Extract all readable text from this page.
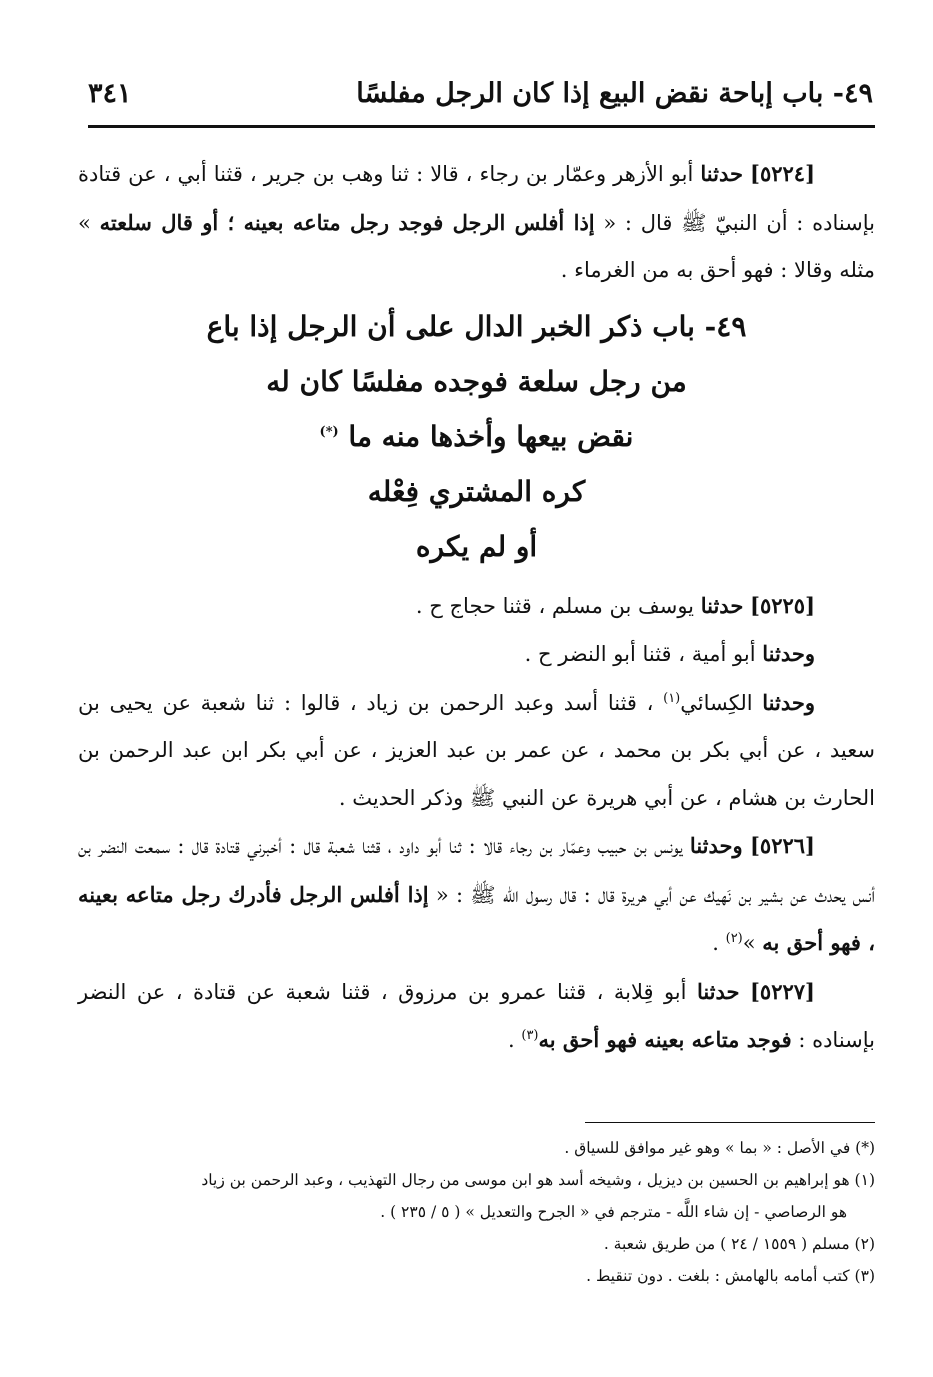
٤٩- باب إباحة نقض البيع إذا كان الرجل مفلسًا
٣٤١

[٥٢٢٤] حدثنا أبو الأزهر وعمّار بن رجاء ، قالا : ثنا وهب بن جرير ، قثنا أبي ، عن قتادة بإسناده : أن النبيّ ﷺ قال : « إذا أفلس الرجل فوجد رجل متاعه بعينه ؛ أو قال سلعته » مثله وقالا : فهو أحق به من الغرماء .

٤٩- باب ذكر الخبر الدال على أن الرجل إذا باع
من رجل سلعة فوجده مفلسًا كان له
نقض بيعها وأخذها منه ما (*)
كره المشتري فِعْله
أو لم يكره

[٥٢٢٥] حدثنا يوسف بن مسلم ، قثنا حجاج ح .

وحدثنا أبو أمية ، قثنا أبو النضر ح .

وحدثنا الكِسائي$^{(١)}$ ، قثنا أسد وعبد الرحمن بن زياد ، قالوا : ثنا شعبة عن يحيى بن سعيد ، عن أبي بكر بن محمد ، عن عمر بن عبد العزيز ، عن أبي بكر ابن عبد الرحمن بن الحارث بن هشام ، عن أبي هريرة عن النبي ﷺ وذكر الحديث .

[٥٢٢٦] وحدثنا يونس بن حبيب وعمّار بن رجاء قالا : ثنا أبو داود ، قثنا شعبة قال : أخبرني قتادة قال : سمعت النضر بن أنس يحدث عن بشير بن نَهيك عن أبي هريرة قال : قال رسول الله ﷺ : « إذا أفلس الرجل فأدرك رجل متاعه بعينه ، فهو أحق به »$^{(٢)}$ .

[٥٢٢٧] حدثنا أبو قِلابة ، قثنا عمرو بن مرزوق ، قثنا شعبة عن قتادة ، عن النضر بإسناده : فوجد متاعه بعينه فهو أحق به$^{(٣)}$ .

(*) في الأصل : « بما » وهو غير موافق للسياق .

(١) هو إبراهيم بن الحسين بن ديزيل ، وشيخه أسد هو ابن موسى من رجال التهذيب ، وعبد الرحمن بن زياد

هو الرصاصي - إن شاء اللَّه - مترجم في « الجرح والتعديل » ( ٥ / ٢٣٥ ) .

(٢) مسلم ( ١٥٥٩ / ٢٤ ) من طريق شعبة .

(٣) كتب أمامه بالهامش : بلغت . دون تنقيط .
